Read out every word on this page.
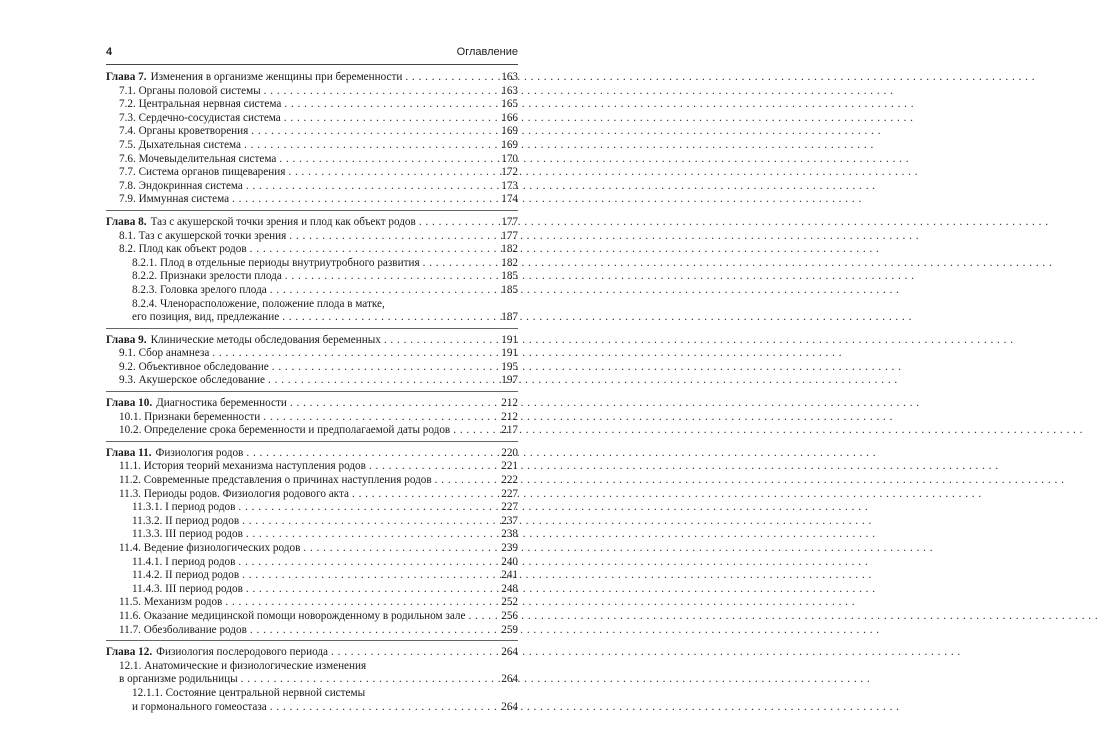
4	Оглавление
Глава 7. Изменения в организме женщины при беременности . . .	163
7.1. Органы половой системы . . .	163
7.2. Центральная нервная система . . .	165
7.3. Сердечно-сосудистая система . . .	166
7.4. Органы кроветворения . . .	169
7.5. Дыхательная система . . .	169
7.6. Мочевыделительная система . . .	170
7.7. Система органов пищеварения . . .	172
7.8. Эндокринная система . . .	173
7.9. Иммунная система . . .	174
Глава 8. Таз с акушерской точки зрения и плод как объект родов . . .	177
8.1. Таз с акушерской точки зрения . . .	177
8.2. Плод как объект родов . . .	182
8.2.1. Плод в отдельные периоды внутриутробного развития . . .	182
8.2.2. Признаки зрелости плода . . .	185
8.2.3. Головка зрелого плода . . .	185
8.2.4. Членорасположение, положение плода в матке,
его позиция, вид, предлежание . . .	187
Глава 9. Клинические методы обследования беременных . . .	191
9.1. Сбор анамнеза . . .	191
9.2. Объективное обследование . . .	195
9.3. Акушерское обследование . . .	197
Глава 10. Диагностика беременности . . .	212
10.1. Признаки беременности . . .	212
10.2. Определение срока беременности и предполагаемой даты родов . . .	217
Глава 11. Физиология родов . . .	220
11.1. История теорий механизма наступления родов . . .	221
11.2. Современные представления о причинах наступления родов . . .	222
11.3. Периоды родов. Физиология родового акта . . .	227
11.3.1. I период родов . . .	227
11.3.2. II период родов . . .	237
11.3.3. III период родов . . .	238
11.4. Ведение физиологических родов . . .	239
11.4.1. I период родов . . .	240
11.4.2. II период родов . . .	241
11.4.3. III период родов . . .	248
11.5. Механизм родов . . .	252
11.6. Оказание медицинской помощи новорожденному в родильном зале . . .	256
11.7. Обезболивание родов . . .	259
Глава 12. Физиология послеродового периода . . .	264
12.1. Анатомические и физиологические изменения
в организме родильницы . . .	264
12.1.1. Состояние центральной нервной системы
и гормонального гомеостаза . . .	264
